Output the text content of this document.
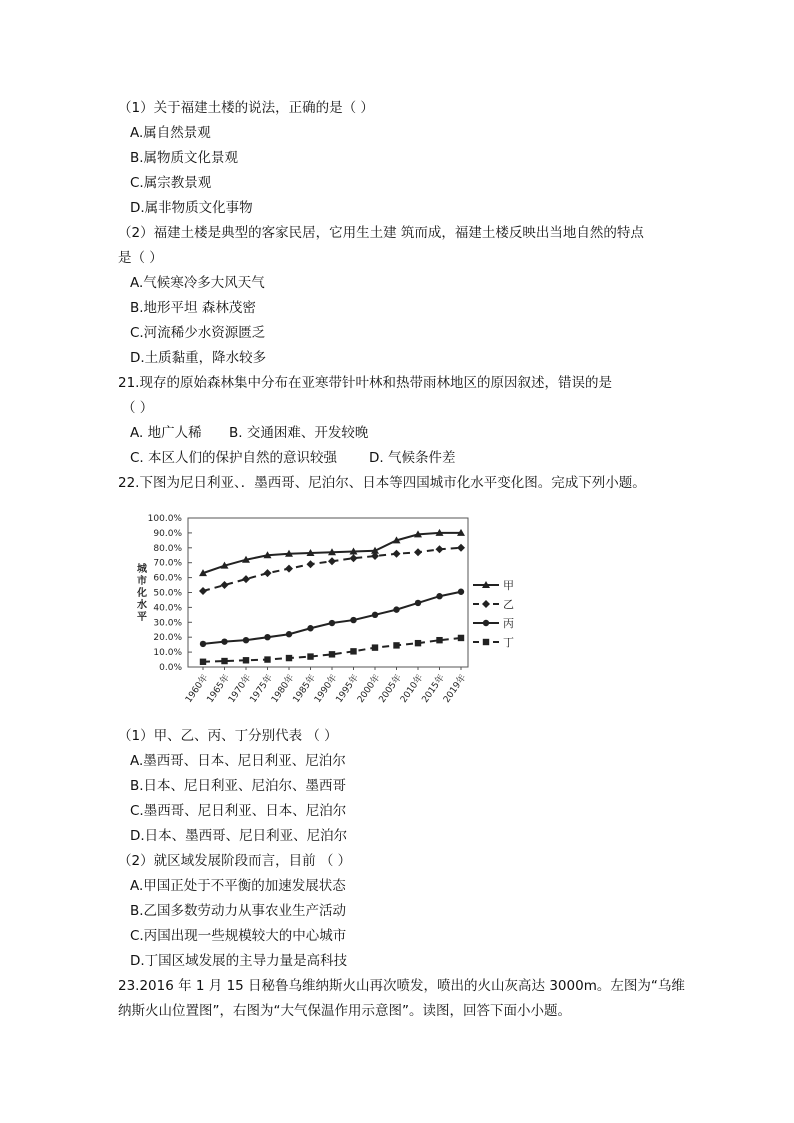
（1）关于福建土楼的说法，正确的是（ ）
A.属自然景观
B.属物质文化景观
C.属宗教景观
D.属非物质文化事物
（2）福建土楼是典型的客家民居，它用生土建 筑而成，福建土楼反映出当地自然的特点
是（ ）
A.气候寒冷多大风天气
B.地形平坦 森林茂密
C.河流稀少水资源匮乏
D.土质黏重，降水较多
21.现存的原始森林集中分布在亚寒带针叶林和热带雨林地区的原因叙述，错误的是
（ ）
A. 地广人稀 B. 交通困难、开发较晚
C. 本区人们的保护自然的意识较强 D. 气候条件差
22.下图为尼日利亚、．墨西哥、尼泊尔、日本等四国城市化水平变化图。完成下列小题。
城市化水平
100.0%
90.0%
80.0%
70.0%
60.0%
50.0%
40.0%
30.0%
20.0%
10.0%
0.0%
1960年
1965年
1970年
1975年
1980年
1985年
1990年
1995年
2000年
2005年
2010年
2015年
2019年
甲
乙
丙
丁
（1）甲、乙、丙、丁分别代表 （ ）
A.墨西哥、日本、尼日利亚、尼泊尔
B.日本、尼日利亚、尼泊尔、墨西哥
C.墨西哥、尼日利亚、日本、尼泊尔
D.日本、墨西哥、尼日利亚、尼泊尔
（2）就区域发展阶段而言，目前 （ ）
A.甲国正处于不平衡的加速发展状态
B.乙国多数劳动力从事农业生产活动
C.丙国出现一些规模较大的中心城市
D.丁国区域发展的主导力量是高科技
23.2016 年 1 月 15 日秘鲁乌维纳斯火山再次喷发，喷出的火山灰高达 3000m。左图为“乌维
纳斯火山位置图”，右图为“大气保温作用示意图”。读图，回答下面小小题。
